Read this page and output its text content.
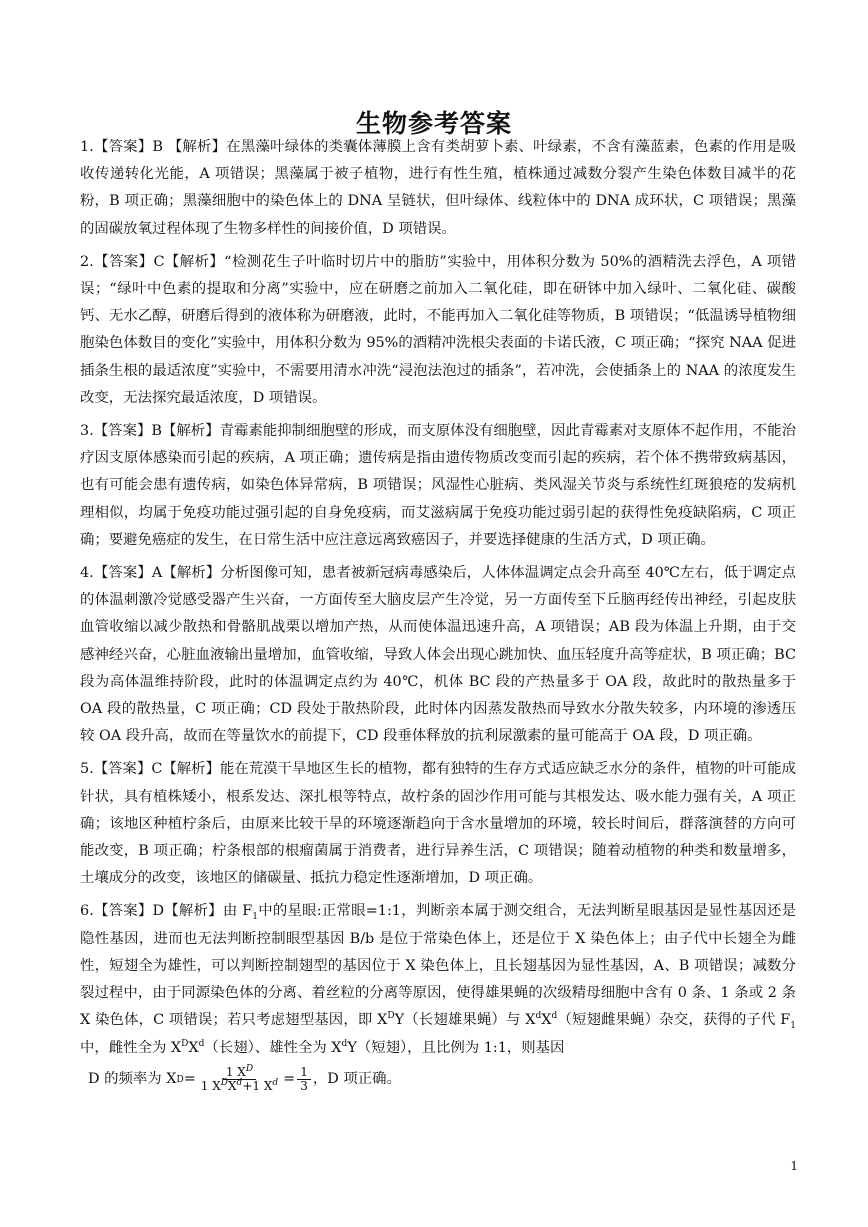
生物参考答案
1.【答案】B 【解析】在黑藻叶绿体的类囊体薄膜上含有类胡萝卜素、叶绿素，不含有藻蓝素，色素的作用是吸收传递转化光能，A 项错误；黑藻属于被子植物，进行有性生殖，植株通过减数分裂产生染色体数目减半的花粉，B 项正确；黑藻细胞中的染色体上的 DNA 呈链状，但叶绿体、线粒体中的 DNA 成环状，C 项错误；黑藻的固碳放氧过程体现了生物多样性的间接价值，D 项错误。
2.【答案】C【解析】“检测花生子叶临时切片中的脂肪”实验中，用体积分数为 50%的酒精洗去浮色，A 项错误；“绿叶中色素的提取和分离”实验中，应在研磨之前加入二氧化硅，即在研钵中加入绿叶、二氧化硅、碳酸钙、无水乙醇，研磨后得到的液体称为研磨液，此时，不能再加入二氧化硅等物质，B 项错误；“低温诱导植物细胞染色体数目的变化”实验中，用体积分数为 95%的酒精冲洗根尖表面的卡诺氏液，C 项正确；“探究 NAA 促进插条生根的最适浓度”实验中，不需要用清水冲洗“浸泡法泡过的插条”，若冲洗，会使插条上的 NAA 的浓度发生改变，无法探究最适浓度，D 项错误。
3.【答案】B【解析】青霉素能抑制细胞壁的形成，而支原体没有细胞壁，因此青霉素对支原体不起作用，不能治疗因支原体感染而引起的疾病，A 项正确；遗传病是指由遗传物质改变而引起的疾病，若个体不携带致病基因，也有可能会患有遗传病，如染色体异常病，B 项错误；风湿性心脏病、类风湿关节炎与系统性红斑狼疮的发病机理相似，均属于免疫功能过强引起的自身免疫病，而艾滋病属于免疫功能过弱引起的获得性免疫缺陷病，C 项正确；要避免癌症的发生，在日常生活中应注意远离致癌因子，并要选择健康的生活方式，D 项正确。
4.【答案】A【解析】分析图像可知，患者被新冠病毒感染后，人体体温调定点会升高至 40℃左右，低于调定点的体温刺激冷觉感受器产生兴奋，一方面传至大脑皮层产生冷觉，另一方面传至下丘脑再经传出神经，引起皮肤血管收缩以减少散热和骨骼肌战栗以增加产热，从而使体温迅速升高，A 项错误；AB 段为体温上升期，由于交感神经兴奋，心脏血液输出量增加，血管收缩，导致人体会出现心跳加快、血压轻度升高等症状，B 项正确；BC 段为高体温维持阶段，此时的体温调定点约为 40℃，机体 BC 段的产热量多于 OA 段，故此时的散热量多于 OA 段的散热量，C 项正确；CD 段处于散热阶段，此时体内因蒸发散热而导致水分散失较多，内环境的渗透压较 OA 段升高，故而在等量饮水的前提下，CD 段垂体释放的抗利尿激素的量可能高于 OA 段，D 项正确。
5.【答案】C【解析】能在荒漠干旱地区生长的植物，都有独特的生存方式适应缺乏水分的条件，植物的叶可能成针状，具有植株矮小，根系发达、深扎根等特点，故柠条的固沙作用可能与其根发达、吸水能力强有关，A 项正确；该地区种植柠条后，由原来比较干旱的环境逐渐趋向于含水量增加的环境，较长时间后，群落演替的方向可能改变，B 项正确；柠条根部的根瘤菌属于消费者，进行异养生活，C 项错误；随着动植物的种类和数量增多，土壤成分的改变，该地区的储碳量、抵抗力稳定性逐渐增加，D 项正确。
6.【答案】D【解析】由 $F_1$中的星眼:正常眼=1:1，判断亲本属于测交组合，无法判断星眼基因是显性基因还是隐性基因，进而也无法判断控制眼型基因 B/b 是位于常染色体上，还是位于 X 染色体上；由子代中长翅全为雌性，短翅全为雄性，可以判断控制翅型的基因位于 X 染色体上，且长翅基因为显性基因，A、B 项错误；减数分裂过程中，由于同源染色体的分离、着丝粒的分离等原因，使得雄果蝇的次级精母细胞中含有 0 条、1 条或 2 条 X 染色体，C 项错误；若只考虑翅型基因，即 $X^DY$（长翅雄果蝇）与 $X^dX^d$（短翅雌果蝇）杂交，获得的子代 $F_1$中，雌性全为 $X^DX^d$（长翅）、雄性全为 $X^dY$（短翅），且比例为 1:1，则基因
D 的频率为 X $D = \frac{1 X^D}{1 X^DX^d+1 X^d} = \frac{1}{3}$ ，D 项正确。
1
